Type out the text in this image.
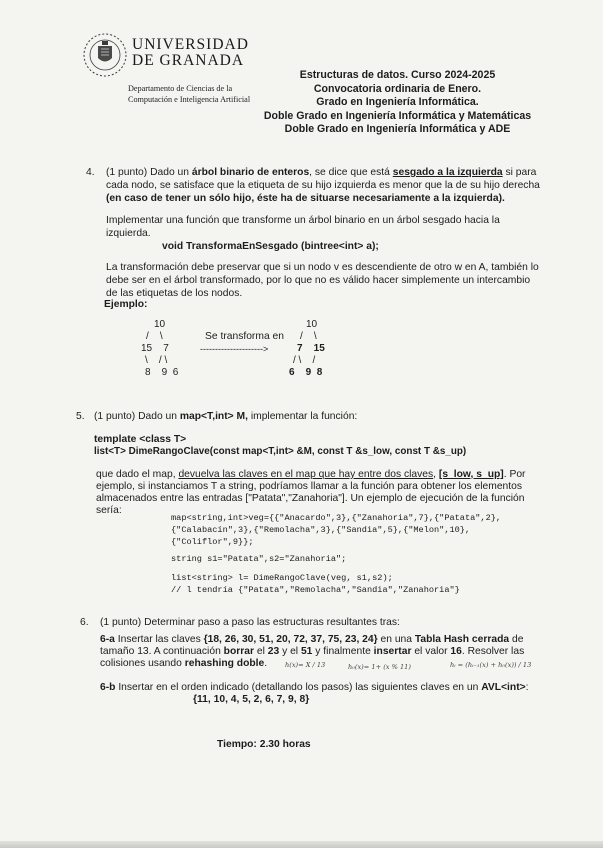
UNIVERSIDAD
DE GRANADA
Departamento de Ciencias de la
Computación e Inteligencia Artificial
Estructuras de datos. Curso 2024-2025
Convocatoria ordinaria de Enero.
Grado en Ingeniería Informática.
Doble Grado en Ingeniería Informática y Matemáticas
Doble Grado en Ingeniería Informática y ADE
4. (1 punto) Dado un árbol binario de enteros, se dice que está sesgado a la izquierda si para
cada nodo, se satisface que la etiqueta de su hijo izquierda es menor que la de su hijo derecha
(en caso de tener un sólo hijo, éste ha de situarse necesariamente a la izquierda).
Implementar una función que transforme un árbol binario en un árbol sesgado hacia la
izquierda.
void TransformaEnSesgado (bintree<int> a);
La transformación debe preservar que si un nodo v es descendiente de otro w en A, también lo
debe ser en el árbol transformado, por lo que no es válido hacer simplemente un intercambio
de las etiquetas de los nodos.
Ejemplo:
10
/    \
15    7
\    / \
8    9  6
Se transforma en
--------------------->
10
/    \
7    15
/ \    /
6    9  8
5. (1 punto) Dado un map<T,int> M, implementar la función:
template <class T>
list<T> DimeRangoClave(const map<T,int> &M, const T &s_low, const T &s_up)
que dado el map, devuelva las claves en el map que hay entre dos claves, [s_low, s_up]. Por
ejemplo, si instanciamos T a string, podríamos llamar a la función para obtener los elementos
almacenados entre las entradas ["Patata","Zanahoria"]. Un ejemplo de ejecución de la función
sería:
map<string,int>veg={{"Anacardo",3},{"Zanahoria",7},{"Patata",2},
{"Calabacín",3},{"Remolacha",3},{"Sandia",5},{"Melon",10},
{"Coliflor",9}};
string s1="Patata",s2="Zanahoria";
list<string> l= DimeRangoClave(veg, s1,s2);
// l tendría {"Patata","Remolacha","Sandia","Zanahoria"}
6. (1 punto) Determinar paso a paso las estructuras resultantes tras:
6-a Insertar las claves {18, 26, 30, 51, 20, 72, 37, 75, 23, 24} en una Tabla Hash cerrada de
tamaño 13. A continuación borrar el 23 y el 51 y finalmente insertar el valor 16. Resolver las
colisiones usando rehashing doble.	h(x)= X / 13	h₀(x)= 1+ (x % 11)	hᵢ = (hᵢ₋₁(x) + h₀(x)) / 13
6-b Insertar en el orden indicado (detallando los pasos) las siguientes claves en un AVL<int>:
{11, 10, 4, 5, 2, 6, 7, 9, 8}
Tiempo: 2.30 horas
